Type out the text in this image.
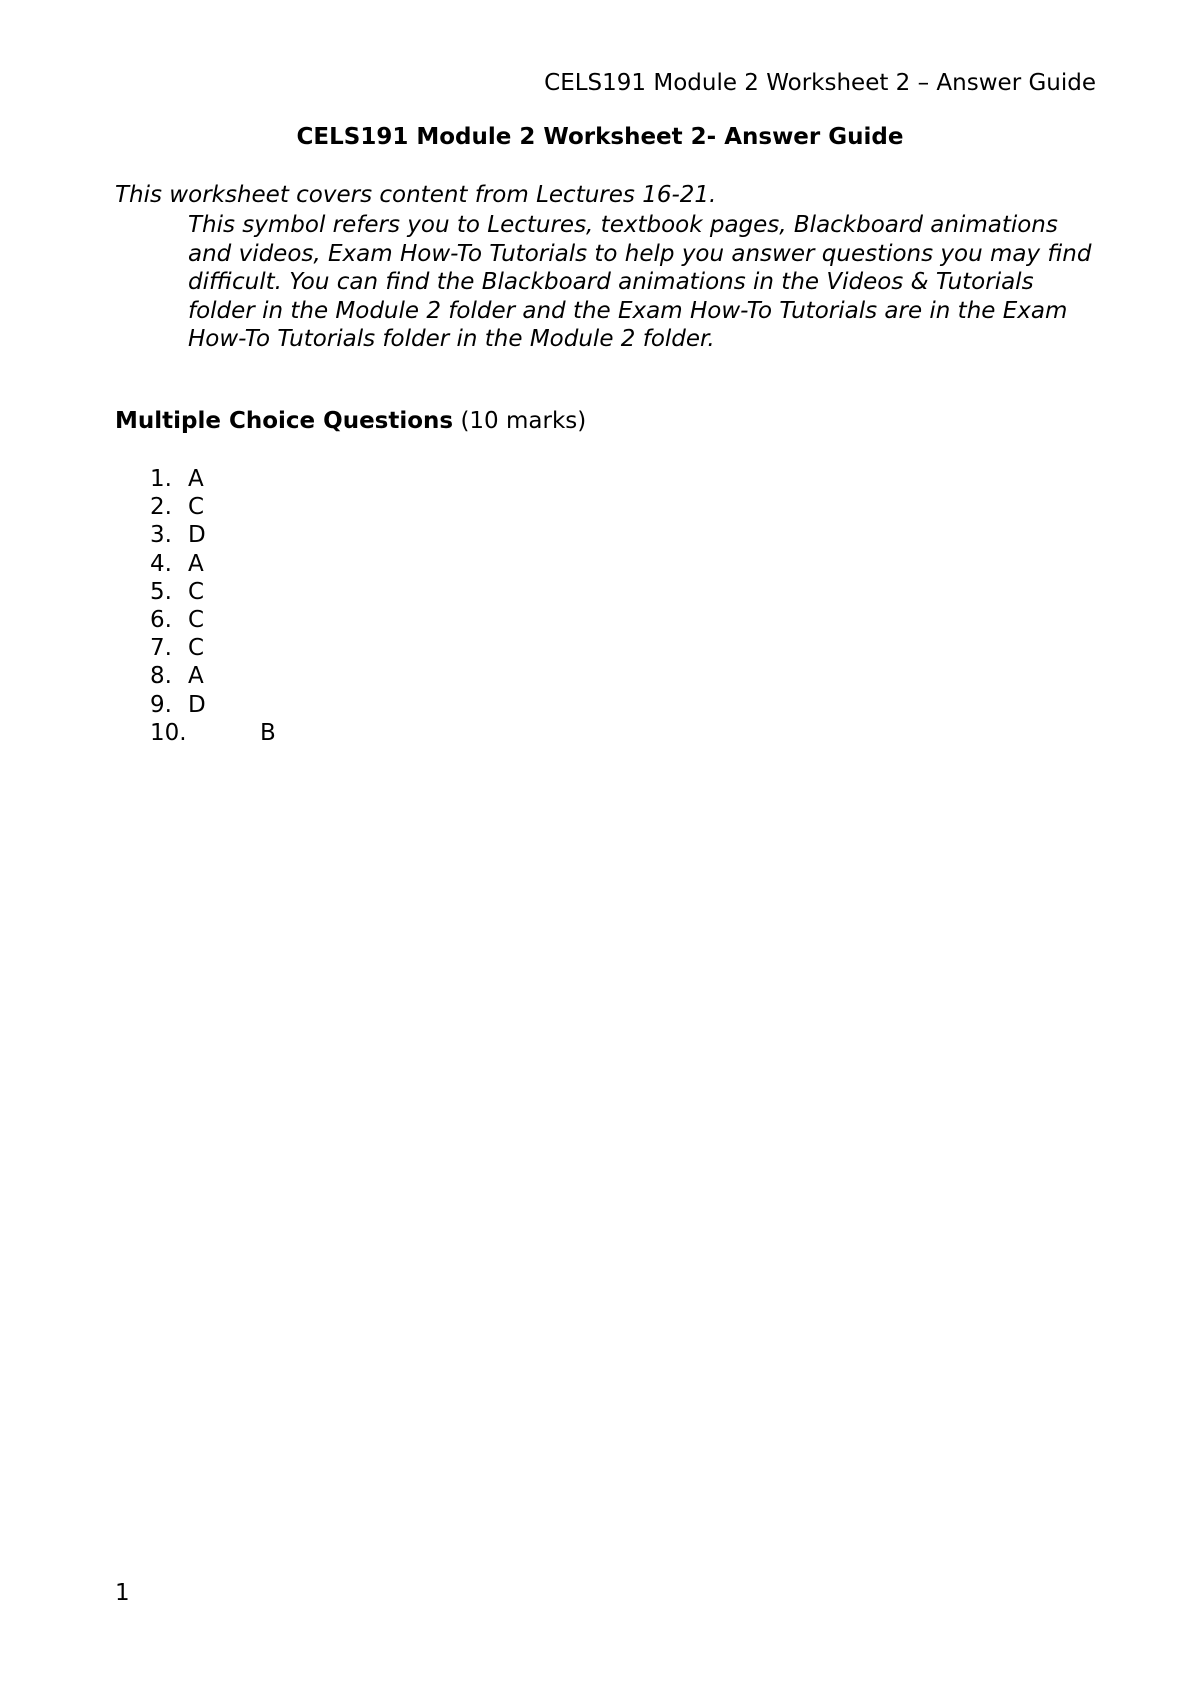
CELS191 Module 2 Worksheet 2 – Answer Guide
CELS191 Module 2 Worksheet 2- Answer Guide
This worksheet covers content from Lectures 16-21.
This symbol refers you to Lectures, textbook pages, Blackboard animations and videos, Exam How-To Tutorials to help you answer questions you may find difficult. You can find the Blackboard animations in the Videos & Tutorials folder in the Module 2 folder and the Exam How-To Tutorials are in the Exam How-To Tutorials folder in the Module 2 folder.
Multiple Choice Questions (10 marks)
1. A
2. C
3. D
4. A
5. C
6. C
7. C
8. A
9. D
10.	B
1
